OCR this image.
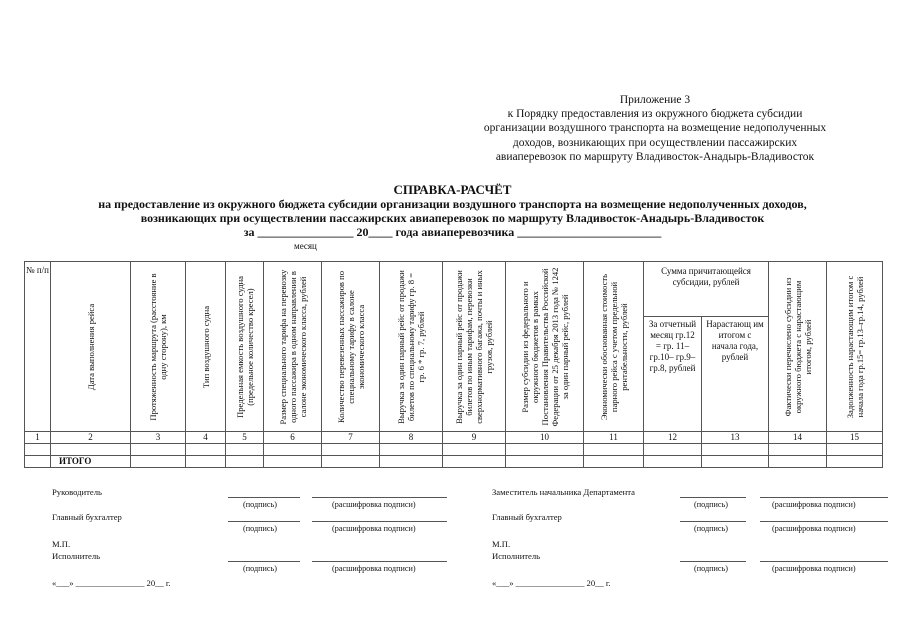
Приложение 3
к Порядку предоставления из окружного бюджета субсидии
организации воздушного транспорта на возмещение недополученных
доходов, возникающих при осуществлении пассажирских
авиаперевозок по маршруту Владивосток-Анадырь-Владивосток
СПРАВКА-РАСЧЁТ
на предоставление из окружного бюджета субсидии организации воздушного транспорта на возмещение недополученных доходов,
возникающих при осуществлении пассажирских авиаперевозок по маршруту Владивосток-Анадырь-Владивосток
за ________________ 20____ года авиаперевозчика ________________________
месяц
№ п/п	Дата выполнения рейса	Протяженность маршрута (расстояние в одну сторону), км	Тип воздушного судна	Предельная емкость воздушного судна (предельное количество кресел)	Размер специального тарифа на перевозку одного пассажира в одном направлении в салоне экономического класса, рублей	Количество перевезенных пассажиров по специальному тарифу в салоне экономического класса	Выручка за один парный рейс от продажи билетов по специальному тарифу гр. 8 = гр. 6 * гр. 7, рублей	Выручка за один парный рейс от продажи билетов по иным тарифам, перевозки сверхнормативного багажа, почты и иных грузов, рублей	Размер субсидии из федерального и окружного бюджетов в рамках Постановления Правительства Российской Федерации от 25 декабря 2013 года № 1242 за один парный рейс, рублей	Экономически обоснованная стоимость парного рейса с учетом предельной рентабельности, рублей	Сумма причитающейся субсидии, рублей		Фактически перечислено субсидии из окружного бюджета с нарастающим итогом, рублей	Задолженность нарастающим итогом с начала года гр.15= гр.13–гр.14, рублей

											За отчетный месяц гр.12 = гр. 11– гр.10– гр.9–гр.8, рублей	Нарастающ им итогом с начала года, рублей		

1	2	3	4	5	6	7	8	9	10	11	12	13	14	15

	ИТОГО													
Руководитель
(подпись)	(расшифровка подписи)
Главный бухгалтер
(подпись)	(расшифровка подписи)
М.П.
Исполнитель
(подпись)	(расшифровка подписи)
«___» ________________ 20__ г.
Заместитель начальника Департамента
(подпись)	(расшифровка подписи)
Главный бухгалтер
(подпись)	(расшифровка подписи)
М.П.
Исполнитель
(подпись)	(расшифровка подписи)
«___» ________________ 20__ г.
